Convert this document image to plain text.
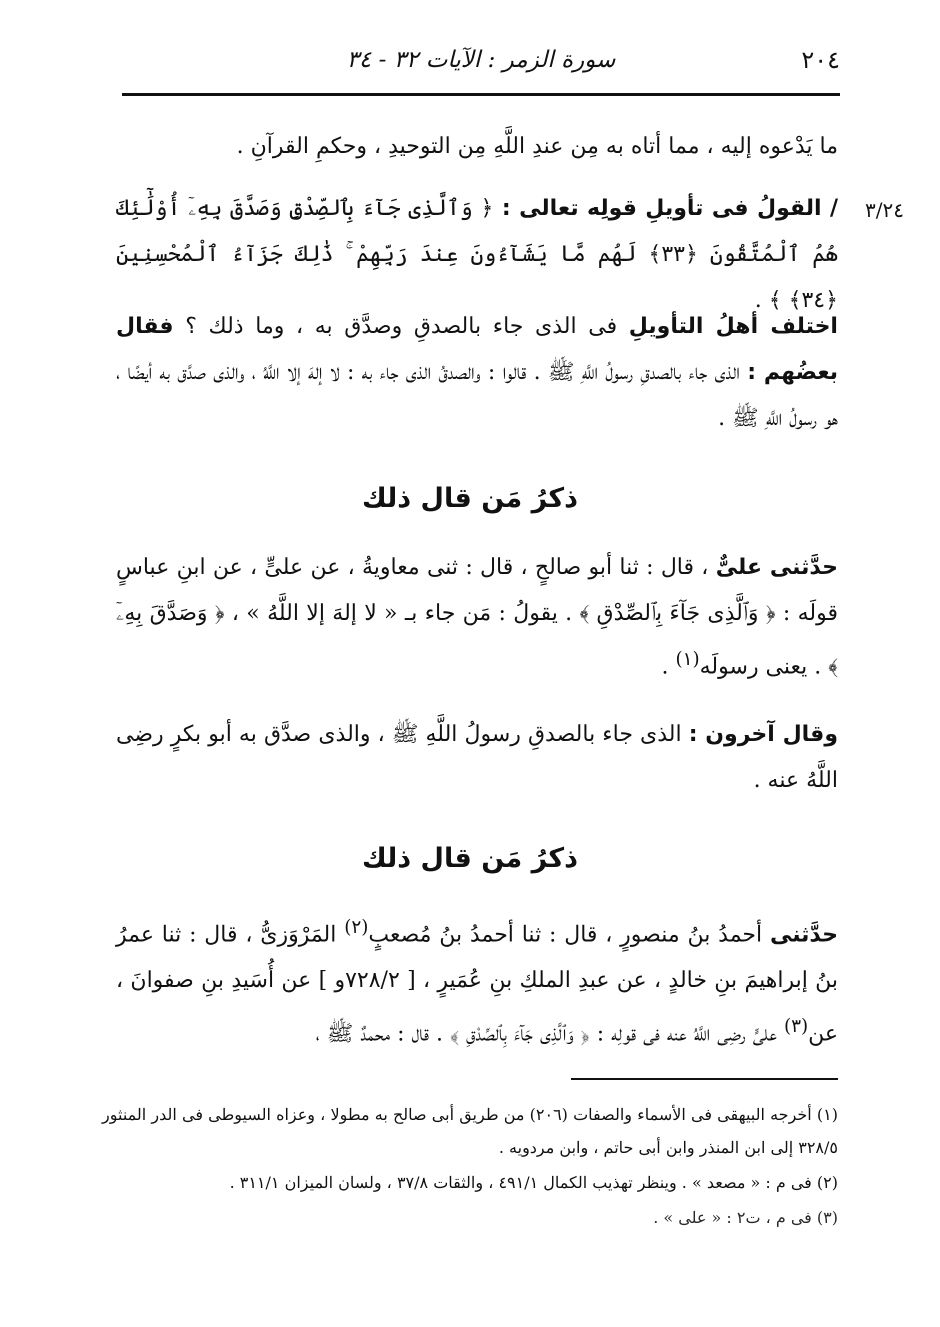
٢٠٤
سورة الزمر : الآيات ٣٢ - ٣٤
٣/٢٤
ما يَدْعوه إليه ، مما أتاه به مِن عندِ اللَّهِ مِن التوحيدِ ، وحكمِ القرآنِ .
/ القولُ فى تأويلِ قولِه تعالى : ﴿ وَٱلَّذِى جَآءَ بِٱلصِّدْقِ وَصَدَّقَ بِهِۦٓ أُوْلَٰٓئِكَ هُمُ ٱلْمُتَّقُونَ ﴿٣٣﴾ لَهُم مَّا يَشَآءُونَ عِندَ رَبِّهِمْ ۚ ذَٰلِكَ جَزَآءُ ٱلْمُحْسِنِينَ ﴿٣٤﴾ ﴾ .
اختلف أهلُ التأويلِ فى الذى جاء بالصدقِ وصدَّق به ، وما ذلك ؟ فقال بعضُهم : الذى جاء بالصدقِ رسولُ اللَّهِ ﷺ . قالوا : والصدقُ الذى جاء به : لا إلهَ إلا اللَّهُ ، والذى صدَّق به أيضًا ، هو رسولُ اللَّهِ ﷺ .
ذكرُ مَن قال ذلك
حدَّثنى علىٌّ ، قال : ثنا أبو صالحٍ ، قال : ثنى معاويةُ ، عن علىٍّ ، عن ابنِ عباسٍ قولَه : ﴿ وَٱلَّذِى جَآءَ بِٱلصِّدْقِ ﴾ . يقولُ : مَن جاء بـ « لا إلهَ إلا اللَّهُ » ، ﴿ وَصَدَّقَ بِهِۦٓ ﴾ . يعنى رسولَه$^{(١)}$ .
وقال آخرون : الذى جاء بالصدقِ رسولُ اللَّهِ ﷺ ، والذى صدَّق به أبو بكرٍ رضِى اللَّهُ عنه .
ذكرُ مَن قال ذلك
حدَّثنى أحمدُ بنُ منصورٍ ، قال : ثنا أحمدُ بنُ مُصعبٍ$^{(٢)}$ المَرْوَزىُّ ، قال : ثنا عمرُ بنُ إبراهيمَ بنِ خالدٍ ، عن عبدِ الملكِ بنِ عُمَيرٍ ، [ ٧٢٨/٢و ] عن أُسَيدِ بنِ صفوانَ ، عن$^{(٣)}$ علىٍّ رضِى اللَّهُ عنه فى قولِه : ﴿ وَٱلَّذِى جَآءَ بِٱلصِّدْقِ ﴾ . قال : محمدٌ ﷺ ،

(١) أخرجه البيهقى فى الأسماء والصفات (٢٠٦) من طريق أبى صالح به مطولا ، وعزاه السيوطى فى الدر المنثور ٣٢٨/٥ إلى ابن المنذر وابن أبى حاتم ، وابن مردويه .

(٢) فى م : « مصعد » . وينظر تهذيب الكمال ٤٩١/١ ، والثقات ٣٧/٨ ، ولسان الميزان ٣١١/١ .

(٣) فى م ، ت٢ : « على » .
